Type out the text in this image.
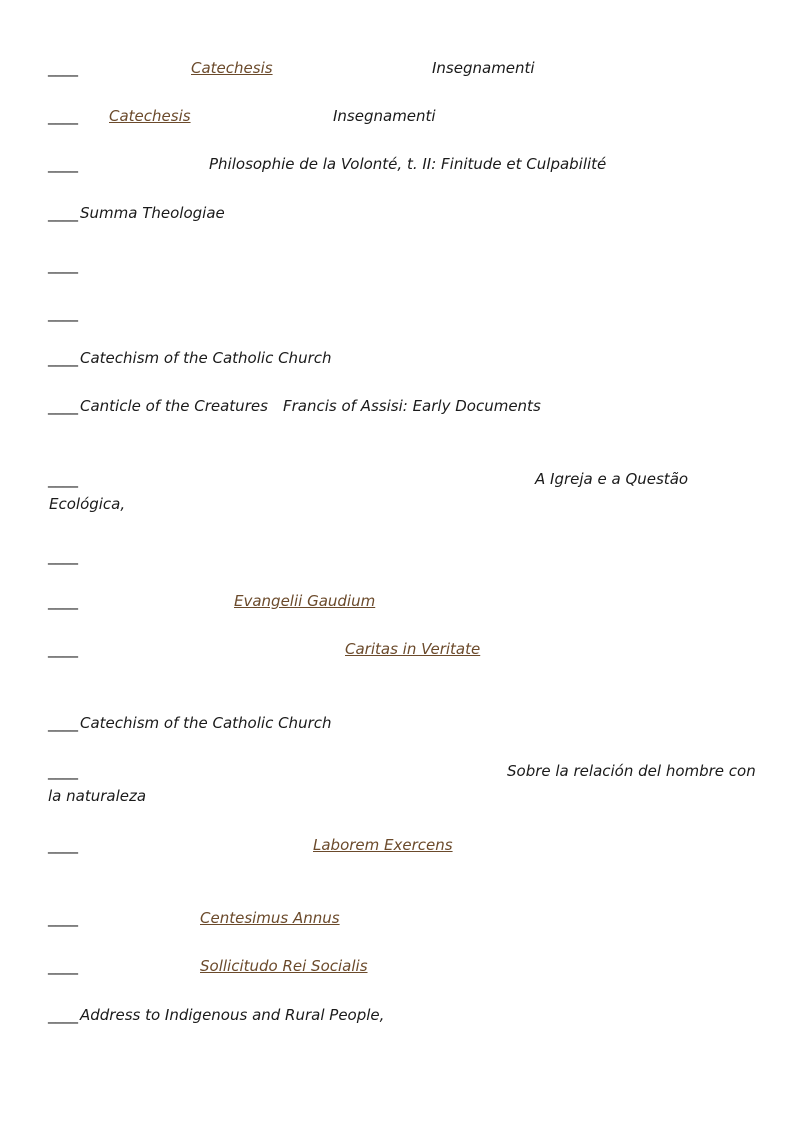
____	Catechesis	Insegnamenti
____ Catechesis	Insegnamenti
____	Philosophie de la Volonté, t. II: Finitude et Culpabilité
____ Summa Theologiae
____
____
____ Catechism of the Catholic Church
____ Canticle of the Creatures Francis of Assisi: Early Documents
____	A Igreja e a Questão
Ecológica,
____
____	Evangelii Gaudium
____	Caritas in Veritate
____ Catechism of the Catholic Church
____	Sobre la relación del hombre con
la naturaleza
____	Laborem Exercens
____	Centesimus Annus
____	Sollicitudo Rei Socialis
____ Address to Indigenous and Rural People,
